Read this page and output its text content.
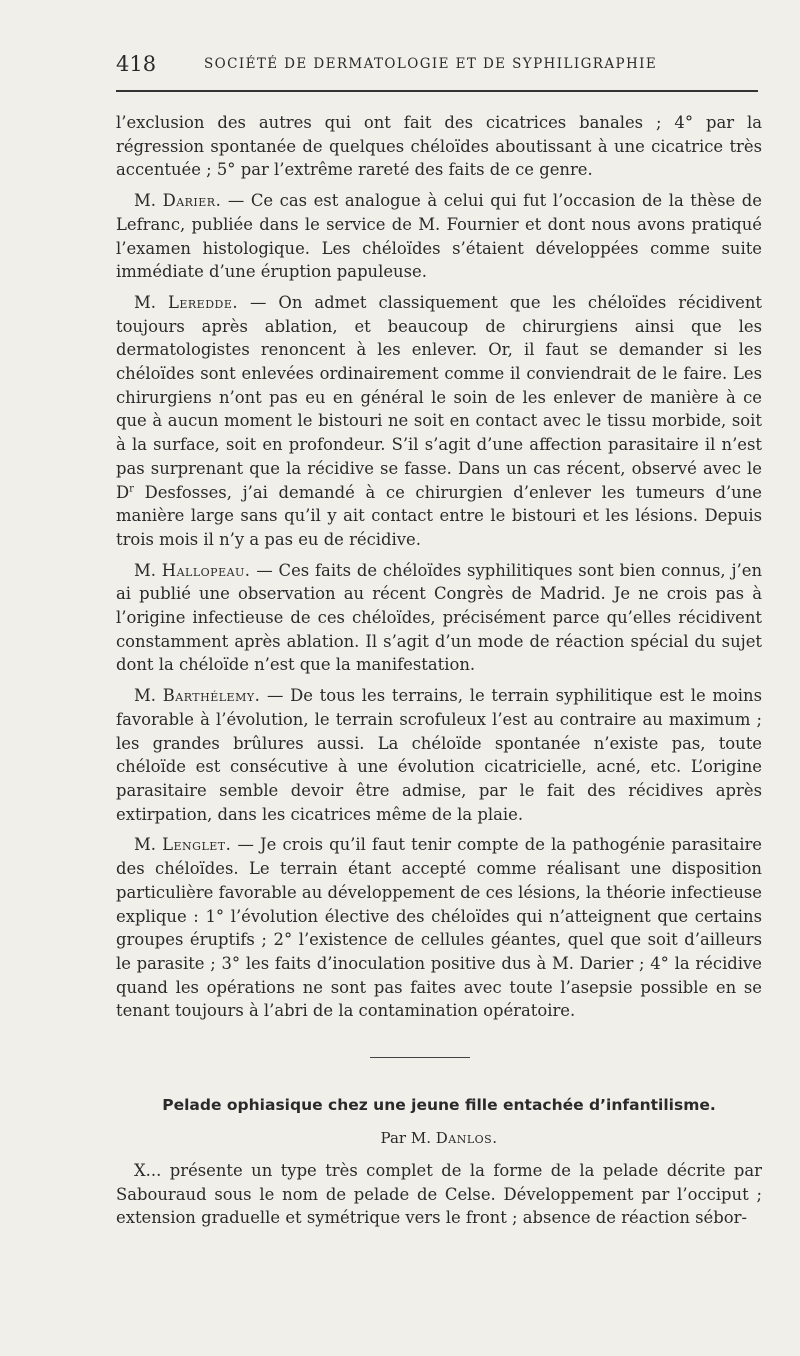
418	SOCIÉTÉ DE DERMATOLOGIE ET DE SYPHILIGRAPHIE

l’exclusion des autres qui ont fait des cicatrices banales ; 4° par la régression spontanée de quelques chéloïdes aboutissant à une cicatrice très accentuée ; 5° par l’extrême rareté des faits de ce genre.

M. Darier. — Ce cas est analogue à celui qui fut l’occasion de la thèse de Lefranc, publiée dans le service de M. Fournier et dont nous avons pratiqué l’examen histologique. Les chéloïdes s’étaient développées comme suite immédiate d’une éruption papuleuse.

M. Leredde. — On admet classiquement que les chéloïdes récidivent toujours après ablation, et beaucoup de chirurgiens ainsi que les dermatologistes renoncent à les enlever. Or, il faut se demander si les chéloïdes sont enlevées ordinairement comme il conviendrait de le faire. Les chirurgiens n’ont pas eu en général le soin de les enlever de manière à ce que à aucun moment le bistouri ne soit en contact avec le tissu morbide, soit à la surface, soit en profondeur. S’il s’agit d’une affection parasitaire il n’est pas surprenant que la récidive se fasse. Dans un cas récent, observé avec le $D^r$ Desfosses, j’ai demandé à ce chirurgien d’enlever les tumeurs d’une manière large sans qu’il y ait contact entre le bistouri et les lésions. Depuis trois mois il n’y a pas eu de récidive.

M. Hallopeau. — Ces faits de chéloïdes syphilitiques sont bien connus, j’en ai publié une observation au récent Congrès de Madrid. Je ne crois pas à l’origine infectieuse de ces chéloïdes, précisément parce qu’elles récidivent constamment après ablation. Il s’agit d’un mode de réaction spécial du sujet dont la chéloïde n’est que la manifestation.

M. Barthélemy. — De tous les terrains, le terrain syphilitique est le moins favorable à l’évolution, le terrain scrofuleux l’est au contraire au maximum ; les grandes brûlures aussi. La chéloïde spontanée n’existe pas, toute chéloïde est consécutive à une évolution cicatricielle, acné, etc. L’origine parasitaire semble devoir être admise, par le fait des récidives après extirpation, dans les cicatrices même de la plaie.

M. Lenglet. — Je crois qu’il faut tenir compte de la pathogénie parasitaire des chéloïdes. Le terrain étant accepté comme réalisant une disposition particulière favorable au développement de ces lésions, la théorie infectieuse explique : 1° l’évolution élective des chéloïdes qui n’atteignent que certains groupes éruptifs ; 2° l’existence de cellules géantes, quel que soit d’ailleurs le parasite ; 3° les faits d’inoculation positive dus à M. Darier ; 4° la récidive quand les opérations ne sont pas faites avec toute l’asepsie possible en se tenant toujours à l’abri de la contamination opératoire.

Pelade ophiasique chez une jeune fille entachée d’infantilisme.
Par M. Danlos.

X... présente un type très complet de la forme de la pelade décrite par Sabouraud sous le nom de pelade de Celse. Développement par l’occiput ; extension graduelle et symétrique vers le front ; absence de réaction sébor-
